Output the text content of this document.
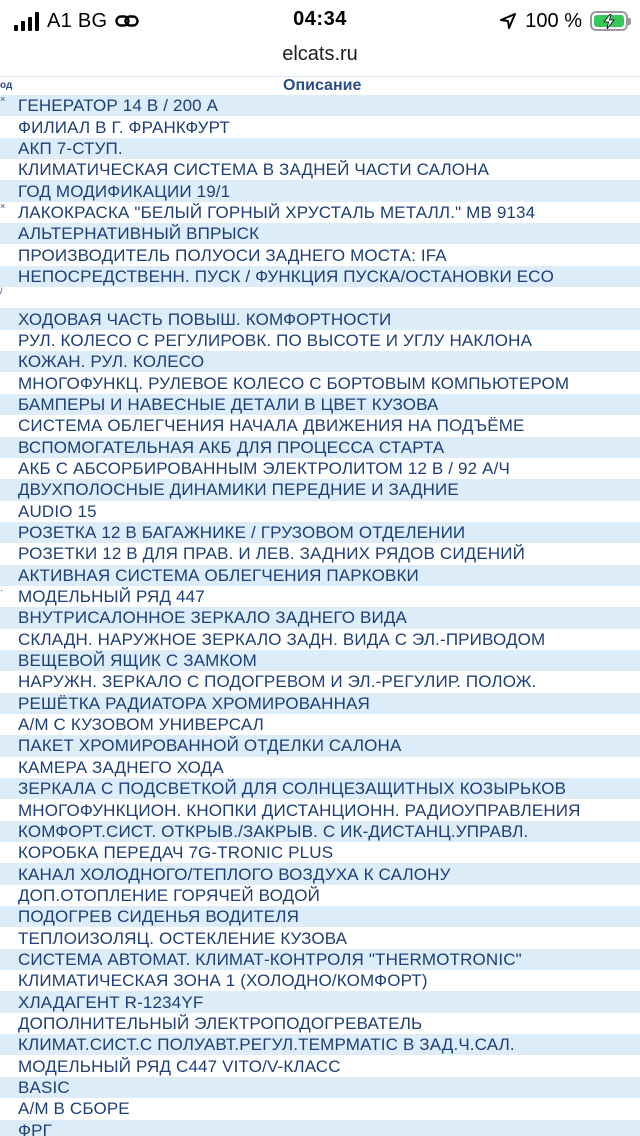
A1 BG	04:34	100 %
elcats.ru
од	Описание
×	ГЕНЕРАТОР 14 В / 200 А
	ФИЛИАЛ В Г. ФРАНКФУРТ
	АКП 7-СТУП.
	КЛИМАТИЧЕСКАЯ СИСТЕМА В ЗАДНЕЙ ЧАСТИ САЛОНА
	ГОД МОДИФИКАЦИИ 19/1
×	ЛАКОКРАСКА "БЕЛЫЙ ГОРНЫЙ ХРУСТАЛЬ МЕТАЛЛ." MB 9134
	АЛЬТЕРНАТИВНЫЙ ВПРЫСК
	ПРОИЗВОДИТЕЛЬ ПОЛУОСИ ЗАДНЕГО МОСТА: IFA
	НЕПОСРЕДСТВЕНН. ПУСК / ФУНКЦИЯ ПУСКА/ОСТАНОВКИ ECO
/	
	ХОДОВАЯ ЧАСТЬ ПОВЫШ. КОМФОРТНОСТИ
	РУЛ. КОЛЕСО С РЕГУЛИРОВК. ПО ВЫСОТЕ И УГЛУ НАКЛОНА
	КОЖАН. РУЛ. КОЛЕСО
	МНОГОФУНКЦ. РУЛЕВОЕ КОЛЕСО С БОРТОВЫМ КОМПЬЮТЕРОМ
	БАМПЕРЫ И НАВЕСНЫЕ ДЕТАЛИ В ЦВЕТ КУЗОВА
	СИСТЕМА ОБЛЕГЧЕНИЯ НАЧАЛА ДВИЖЕНИЯ НА ПОДЪЁМЕ
	ВСПОМОГАТЕЛЬНАЯ АКБ ДЛЯ ПРОЦЕССА СТАРТА
	АКБ С АБСОРБИРОВАННЫМ ЭЛЕКТРОЛИТОМ 12 В / 92 А/Ч
	ДВУХПОЛОСНЫЕ ДИНАМИКИ ПЕРЕДНИЕ И ЗАДНИЕ
	AUDIO 15
	РОЗЕТКА 12 В БАГАЖНИКЕ / ГРУЗОВОМ ОТДЕЛЕНИИ
	РОЗЕТКИ 12 В ДЛЯ ПРАВ. И ЛЕВ. ЗАДНИХ РЯДОВ СИДЕНИЙ
	АКТИВНАЯ СИСТЕМА ОБЛЕГЧЕНИЯ ПАРКОВКИ
·	МОДЕЛЬНЫЙ РЯД 447
	ВНУТРИСАЛОННОЕ ЗЕРКАЛО ЗАДНЕГО ВИДА
	СКЛАДН. НАРУЖНОЕ ЗЕРКАЛО ЗАДН. ВИДА С ЭЛ.-ПРИВОДОМ
	ВЕЩЕВОЙ ЯЩИК С ЗАМКОМ
	НАРУЖН. ЗЕРКАЛО С ПОДОГРЕВОМ И ЭЛ.-РЕГУЛИР. ПОЛОЖ.
	РЕШЁТКА РАДИАТОРА ХРОМИРОВАННАЯ
	А/М С КУЗОВОМ УНИВЕРСАЛ
	ПАКЕТ ХРОМИРОВАННОЙ ОТДЕЛКИ САЛОНА
	КАМЕРА ЗАДНЕГО ХОДА
	ЗЕРКАЛА С ПОДСВЕТКОЙ ДЛЯ СОЛНЦЕЗАЩИТНЫХ КОЗЫРЬКОВ
	МНОГОФУНКЦИОН. КНОПКИ ДИСТАНЦИОНН. РАДИОУПРАВЛЕНИЯ
	КОМФОРТ.СИСТ. ОТКРЫВ./ЗАКРЫВ. С ИК-ДИСТАНЦ.УПРАВЛ.
	КОРОБКА ПЕРЕДАЧ 7G-TRONIC PLUS
	КАНАЛ ХОЛОДНОГО/ТЕПЛОГО ВОЗДУХА К САЛОНУ
	ДОП.ОТОПЛЕНИЕ ГОРЯЧЕЙ ВОДОЙ
	ПОДОГРЕВ СИДЕНЬЯ ВОДИТЕЛЯ
	ТЕПЛОИЗОЛЯЦ. ОСТЕКЛЕНИЕ КУЗОВА
	СИСТЕМА АВТОМАТ. КЛИМАТ-КОНТРОЛЯ "THERMOTRONIC"
	КЛИМАТИЧЕСКАЯ ЗОНА 1 (ХОЛОДНО/КОМФОРТ)
	ХЛАДАГЕНТ R-1234YF
	ДОПОЛНИТЕЛЬНЫЙ ЭЛЕКТРОПОДОГРЕВАТЕЛЬ
	КЛИМАТ.СИСТ.С ПОЛУАВТ.РЕГУЛ.ТЕМРМАТIC В ЗАД.Ч.САЛ.
	МОДЕЛЬНЫЙ РЯД С447 VITO/V-КЛАСС
	BASIC
	А/М В СБОРЕ
	ФРГ
